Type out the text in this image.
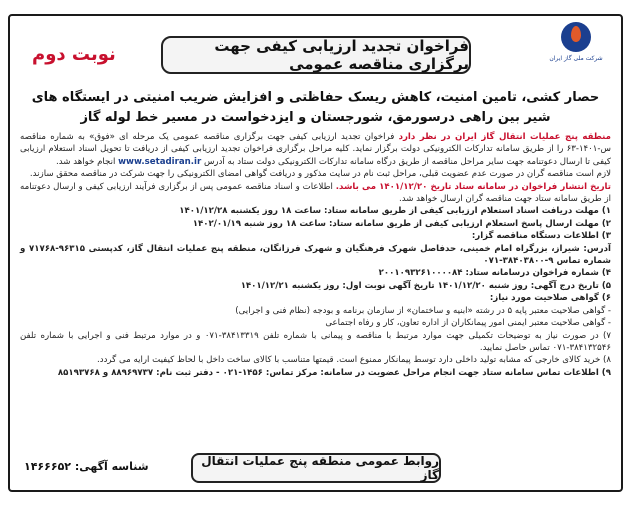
شرکت ملی گاز ایران
فراخوان تجدید ارزیابی کیفی جهت برگزاری مناقصه عمومی
نوبت دوم
حصار کشی، تامین امنیت، کاهش ریسک حفاظتی و افزایش ضریب امنیتی در ایستگاه های شیر بین راهی درسورمق، شورجستان و ایزدخواست در مسیر خط لوله گاز

منطقه پنج عملیات انتقال گاز ایران در نظر دارد فراخوان تجدید ارزیابی کیفی جهت برگزاری مناقصه عمومی یک مرحله ای «فوق» به شماره مناقصه س-۱۴۰۱-۶۳ را از طریق سامانه تدارکات الکترونیکی دولت برگزار نماید. کلیه مراحل برگزاری فراخوان تجدید ارزیابی کیفی از دریافت تا تحویل اسناد استعلام ارزیابی کیفی تا ارسال دعوتنامه جهت سایر مراحل مناقصه از طریق درگاه سامانه تدارکات الکترونیکی دولت ستاد به آدرس www.setadiran.ir انجام خواهد شد.

لازم است مناقصه گران در صورت عدم عضویت قبلی، مراحل ثبت نام در سایت مذکور و دریافت گواهی امضای الکترونیکی را جهت شرکت در مناقصه محقق سازند.

تاریخ انتشار فراخوان در سامانه ستاد تاریخ ۱۴۰۱/۱۲/۲۰ می باشد. اطلاعات و اسناد مناقصه عمومی پس از برگزاری فرآیند ارزیابی کیفی و ارسال دعوتنامه از طریق سامانه ستاد جهت مناقصه گران ارسال خواهد شد.

۱) مهلت دریافت اسناد استعلام ارزیابی کیفی از طریق سامانه ستاد: ساعت ۱۸ روز یکشنبه ۱۴۰۱/۱۲/۲۸

۲) مهلت ارسال پاسخ استعلام ارزیابی کیفی از طریق سامانه ستاد: ساعت ۱۸ روز شنبه ۱۴۰۲/۰۱/۱۹

۳) اطلاعات دستگاه مناقصه گزار:

آدرس: شیراز، بزرگراه امام خمینی، حدفاصل شهرک فرهنگیان و شهرک فرزانگان، منطقه پنج عملیات انتقال گاز، کدپستی ۹۶۳۱۵-۷۱۷۶۸ و شماره تماس ۹-۳۸۴۰۳۸۰۰-۰۷۱

۴) شماره فراخوان درسامانه ستاد: ۲۰۰۱۰۹۳۲۶۱۰۰۰۰۸۴

۵) تاریخ درج آگهی: روز شنبه ۱۴۰۱/۱۲/۲۰ تاریخ آگهی نوبت اول: روز یکشنبه ۱۴۰۱/۱۲/۲۱

۶) گواهی صلاحیت مورد نیاز:

- گواهی صلاحیت معتبر پایه ۵ در رشته «ابنیه و ساختمان» از سازمان برنامه و بودجه (نظام فنی و اجرایی)

- گواهی صلاحیت معتبر ایمنی امور پیمانکاران از اداره تعاون، کار و رفاه اجتماعی

۷) در صورت نیاز به توضیحات تکمیلی جهت موارد مرتبط با مناقصه و پیمانی با شماره تلفن ۳۸۴۱۳۳۱۹-۰۷۱ و در موارد مرتبط فنی و اجرایی با شماره تلفن ۳۸۴۱۳۲۵۴۶-۰۷۱ تماس حاصل نمایید.

۸) خرید کالای خارجی که مشابه تولید داخلی دارد توسط پیمانکار ممنوع است. قیمتها متناسب با کالای ساخت داخل با لحاظ کیفیت ارایه می گردد.

۹) اطلاعات تماس سامانه ستاد جهت انجام مراحل عضویت در سامانه: مرکز تماس: ۱۴۵۶-۰۲۱ - دفتر ثبت نام: ۸۸۹۶۹۷۳۷ و ۸۵۱۹۳۷۶۸

روابط عمومی منطقه پنج عملیات انتقال گاز
شناسه آگهی: ۱۴۶۶۶۵۲
